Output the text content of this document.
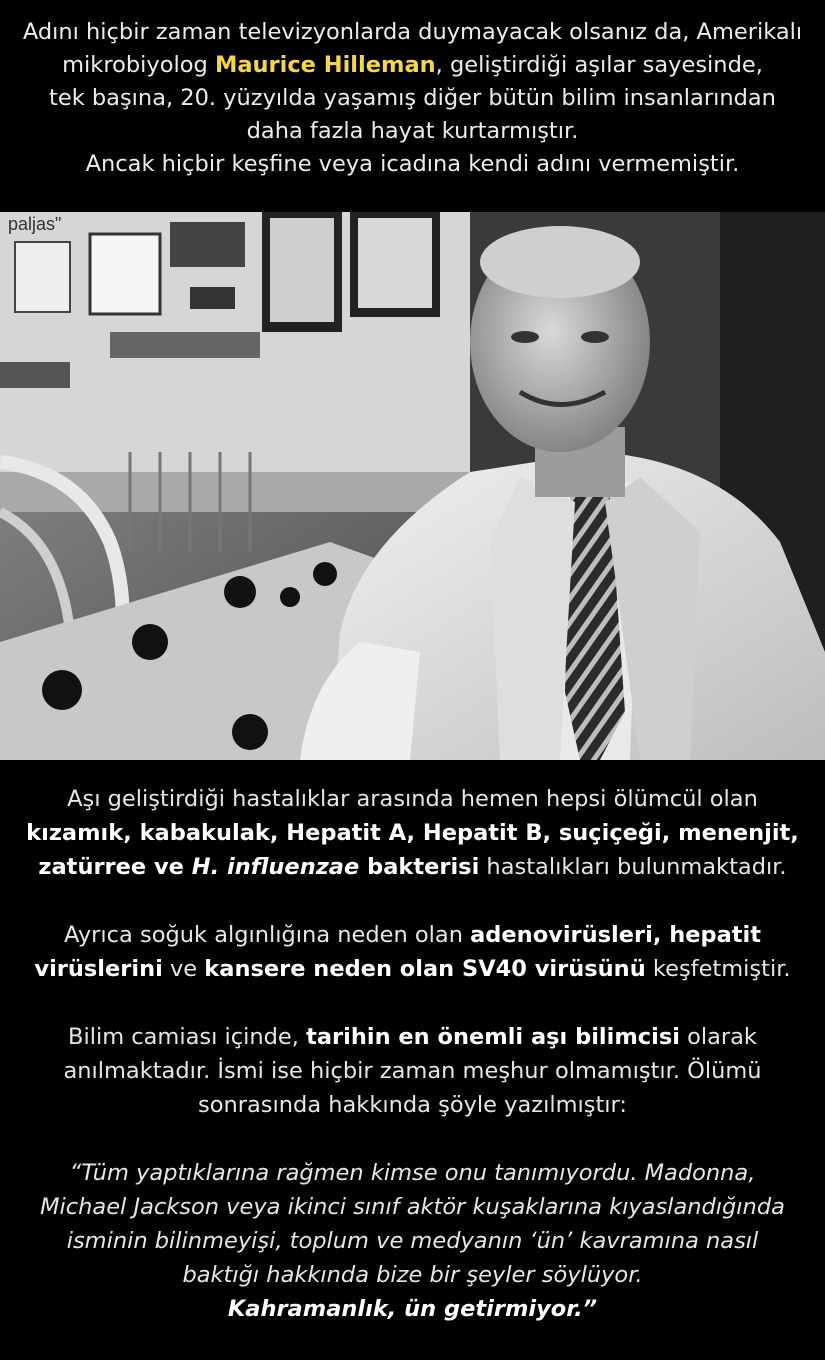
Adını hiçbir zaman televizyonlarda duymayacak olsanız da, Amerikalı
mikrobiyolog Maurice Hilleman, geliştirdiği aşılar sayesinde,
tek başına, 20. yüzyılda yaşamış diğer bütün bilim insanlarından
daha fazla hayat kurtarmıştır.
Ancak hiçbir keşfine veya icadına kendi adını vermemiştir.
paljas"

Aşı geliştirdiği hastalıklar arasında hemen hepsi ölümcül olan
kızamık, kabakulak, Hepatit A, Hepatit B, suçiçeği, menenjit,
zatürree ve H. influenzae bakterisi hastalıkları bulunmaktadır.

Ayrıca soğuk algınlığına neden olan adenovirüsleri, hepatit
virüslerini ve kansere neden olan SV40 virüsünü keşfetmiştir.

Bilim camiası içinde, tarihin en önemli aşı bilimcisi olarak
anılmaktadır. İsmi ise hiçbir zaman meşhur olmamıştır. Ölümü
sonrasında hakkında şöyle yazılmıştır:

“Tüm yaptıklarına rağmen kimse onu tanımıyordu. Madonna,
Michael Jackson veya ikinci sınıf aktör kuşaklarına kıyaslandığında
isminin bilinmeyişi, toplum ve medyanın ‘ün’ kavramına nasıl
baktığı hakkında bize bir şeyler söylüyor.
Kahramanlık, ün getirmiyor.”
